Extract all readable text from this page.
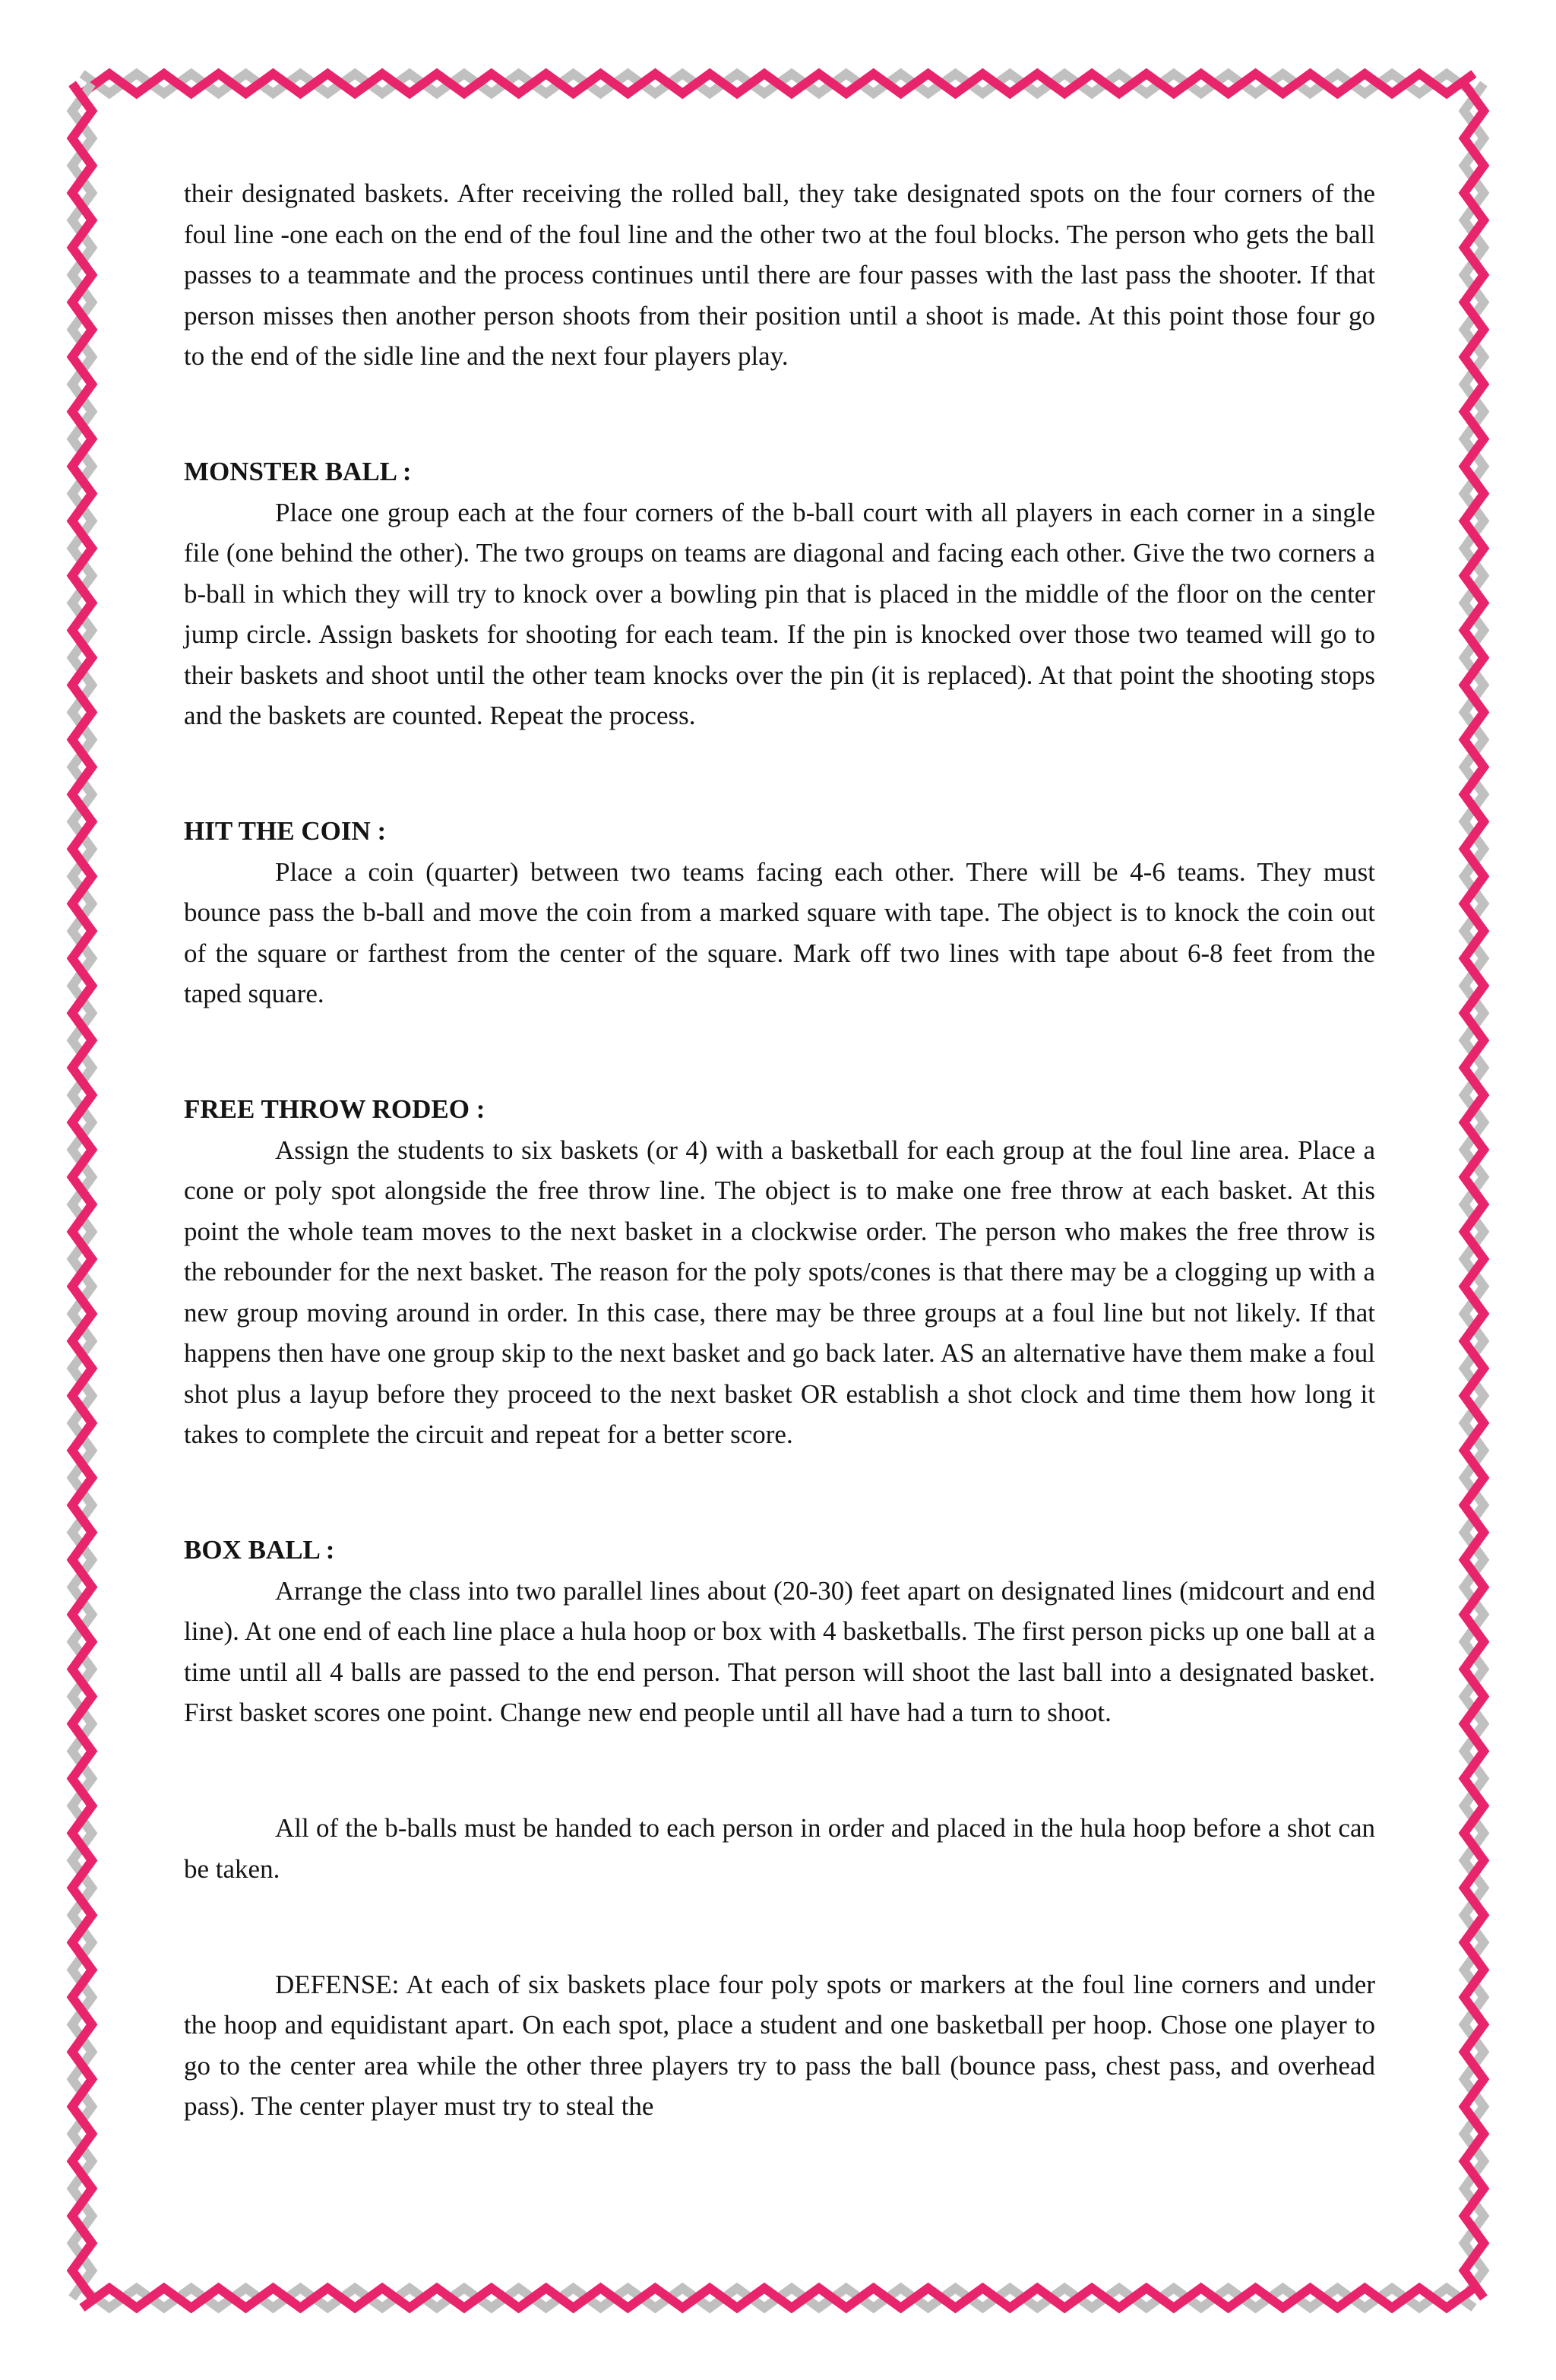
their designated baskets. After receiving the rolled ball, they take designated spots on the four corners of the foul line -one each on the end of the foul line and the other two at the foul blocks. The person who gets the ball passes to a teammate and the process continues until there are four passes with the last pass the shooter. If that person misses then another person shoots from their position until a shoot is made. At this point those four go to the end of the sidle line and the next four players play.

MONSTER BALL :

Place one group each at the four corners of the b-ball court with all players in each corner in a single file (one behind the other). The two groups on teams are diagonal and facing each other. Give the two corners a b-ball in which they will try to knock over a bowling pin that is placed in the middle of the floor on the center jump circle. Assign baskets for shooting for each team. If the pin is knocked over those two teamed will go to their baskets and shoot until the other team knocks over the pin (it is replaced). At that point the shooting stops and the baskets are counted. Repeat the process.

HIT THE COIN :

Place a coin (quarter) between two teams facing each other. There will be 4-6 teams. They must bounce pass the b-ball and move the coin from a marked square with tape. The object is to knock the coin out of the square or farthest from the center of the square. Mark off two lines with tape about 6-8 feet from the taped square.

FREE THROW RODEO :

Assign the students to six baskets (or 4) with a basketball for each group at the foul line area. Place a cone or poly spot alongside the free throw line. The object is to make one free throw at each basket. At this point the whole team moves to the next basket in a clockwise order. The person who makes the free throw is the rebounder for the next basket. The reason for the poly spots/cones is that there may be a clogging up with a new group moving around in order. In this case, there may be three groups at a foul line but not likely. If that happens then have one group skip to the next basket and go back later. AS an alternative have them make a foul shot plus a layup before they proceed to the next basket OR establish a shot clock and time them how long it takes to complete the circuit and repeat for a better score.

BOX BALL :

Arrange the class into two parallel lines about (20-30) feet apart on designated lines (midcourt and end line). At one end of each line place a hula hoop or box with 4 basketballs. The first person picks up one ball at a time until all 4 balls are passed to the end person. That person will shoot the last ball into a designated basket. First basket scores one point. Change new end people until all have had a turn to shoot.

All of the b-balls must be handed to each person in order and placed in the hula hoop before a shot can be taken.

DEFENSE: At each of six baskets place four poly spots or markers at the foul line corners and under the hoop and equidistant apart. On each spot, place a student and one basketball per hoop. Chose one player to go to the center area while the other three players try to pass the ball (bounce pass, chest pass, and overhead pass). The center player must try to steal the
